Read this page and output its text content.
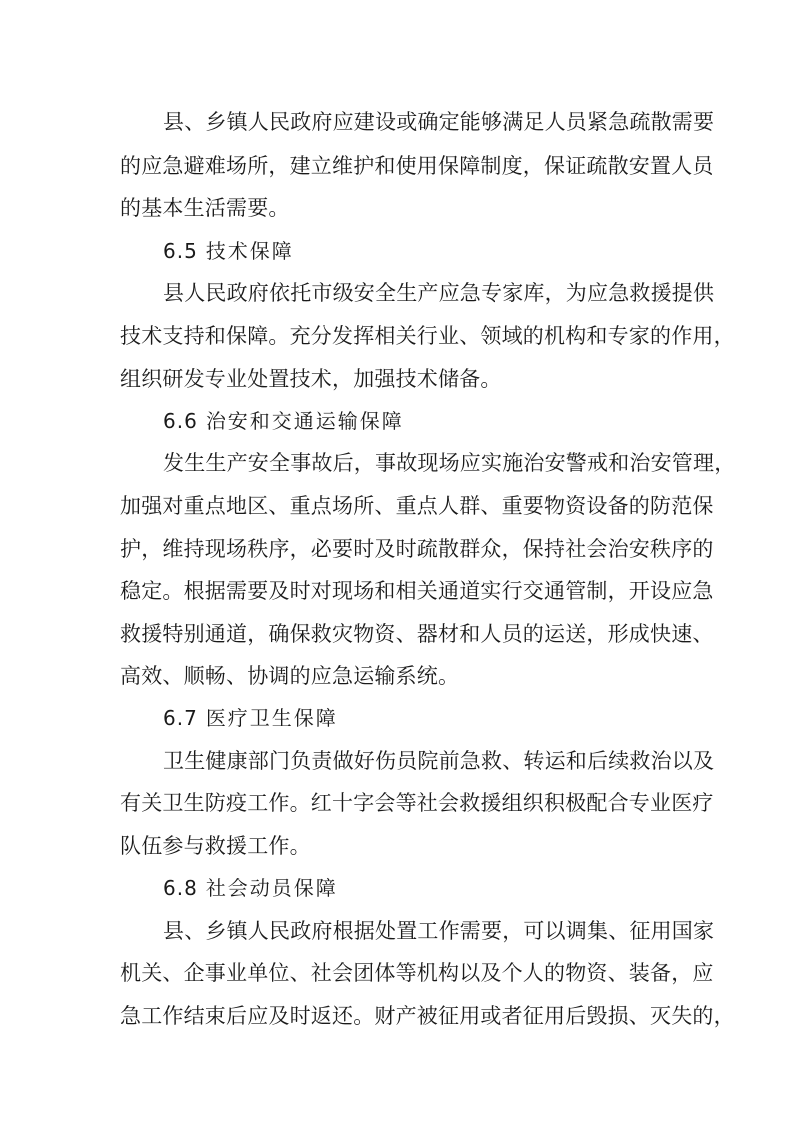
县、乡镇人民政府应建设或确定能够满足人员紧急疏散需要
的应急避难场所，建立维护和使用保障制度，保证疏散安置人员
的基本生活需要。
6.5 技术保障
县人民政府依托市级安全生产应急专家库，为应急救援提供
技术支持和保障。充分发挥相关行业、领域的机构和专家的作用，
组织研发专业处置技术，加强技术储备。
6.6 治安和交通运输保障
发生生产安全事故后，事故现场应实施治安警戒和治安管理，
加强对重点地区、重点场所、重点人群、重要物资设备的防范保
护，维持现场秩序，必要时及时疏散群众，保持社会治安秩序的
稳定。根据需要及时对现场和相关通道实行交通管制，开设应急
救援特别通道，确保救灾物资、器材和人员的运送，形成快速、
高效、顺畅、协调的应急运输系统。
6.7 医疗卫生保障
卫生健康部门负责做好伤员院前急救、转运和后续救治以及
有关卫生防疫工作。红十字会等社会救援组织积极配合专业医疗
队伍参与救援工作。
6.8 社会动员保障
县、乡镇人民政府根据处置工作需要，可以调集、征用国家
机关、企事业单位、社会团体等机构以及个人的物资、装备，应
急工作结束后应及时返还。财产被征用或者征用后毁损、灭失的，
